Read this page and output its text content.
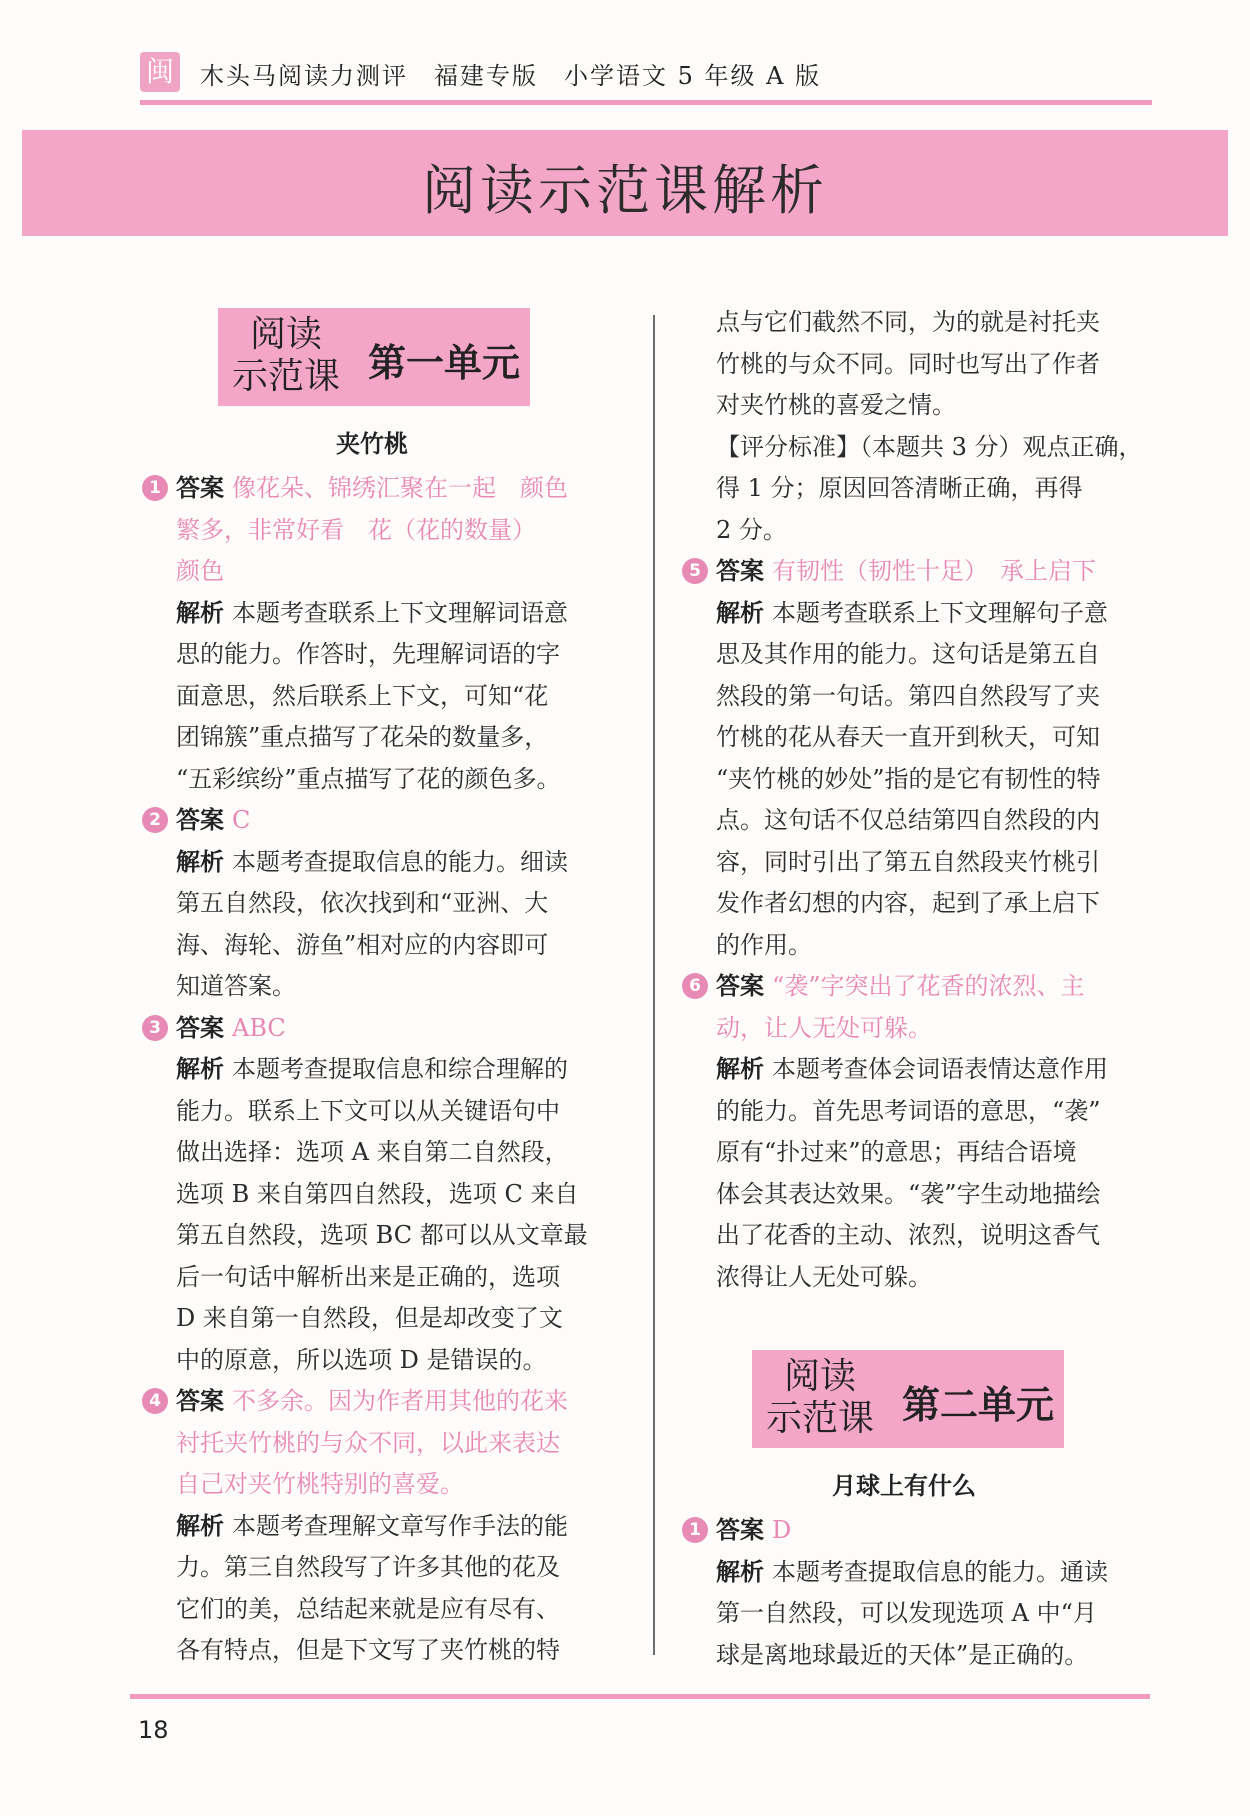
闽 木头马阅读力测评　福建专版　小学语文 5 年级 A 版
阅读示范课解析
阅读
示范课 第一单元
夹竹桃
1 答案 像花朵、锦绣汇聚在一起　颜色
繁多，非常好看　花（花的数量）
颜色
解析 本题考查联系上下文理解词语意
思的能力。作答时，先理解词语的字
面意思，然后联系上下文，可知“花
团锦簇”重点描写了花朵的数量多，
“五彩缤纷”重点描写了花的颜色多。
2 答案 C
解析 本题考查提取信息的能力。细读
第五自然段，依次找到和“亚洲、大
海、海轮、游鱼”相对应的内容即可
知道答案。
3 答案 ABC
解析 本题考查提取信息和综合理解的
能力。联系上下文可以从关键语句中
做出选择：选项 A 来自第二自然段，
选项 B 来自第四自然段，选项 C 来自
第五自然段，选项 BC 都可以从文章最
后一句话中解析出来是正确的，选项
D 来自第一自然段，但是却改变了文
中的原意，所以选项 D 是错误的。
4 答案 不多余。因为作者用其他的花来
衬托夹竹桃的与众不同，以此来表达
自己对夹竹桃特别的喜爱。
解析 本题考查理解文章写作手法的能
力。第三自然段写了许多其他的花及
它们的美，总结起来就是应有尽有、
各有特点，但是下文写了夹竹桃的特
点与它们截然不同，为的就是衬托夹
竹桃的与众不同。同时也写出了作者
对夹竹桃的喜爱之情。
【评分标准】（本题共 3 分）观点正确，
得 1 分；原因回答清晰正确，再得
2 分。
5 答案 有韧性（韧性十足）　承上启下
解析 本题考查联系上下文理解句子意
思及其作用的能力。这句话是第五自
然段的第一句话。第四自然段写了夹
竹桃的花从春天一直开到秋天，可知
“夹竹桃的妙处”指的是它有韧性的特
点。这句话不仅总结第四自然段的内
容，同时引出了第五自然段夹竹桃引
发作者幻想的内容，起到了承上启下
的作用。
6 答案 “袭”字突出了花香的浓烈、主
动，让人无处可躲。
解析 本题考查体会词语表情达意作用
的能力。首先思考词语的意思，“袭”
原有“扑过来”的意思；再结合语境
体会其表达效果。“袭”字生动地描绘
出了花香的主动、浓烈，说明这香气
浓得让人无处可躲。
阅读
示范课 第二单元
月球上有什么
1 答案 D
解析 本题考查提取信息的能力。通读
第一自然段，可以发现选项 A 中“月
球是离地球最近的天体”是正确的。
18
